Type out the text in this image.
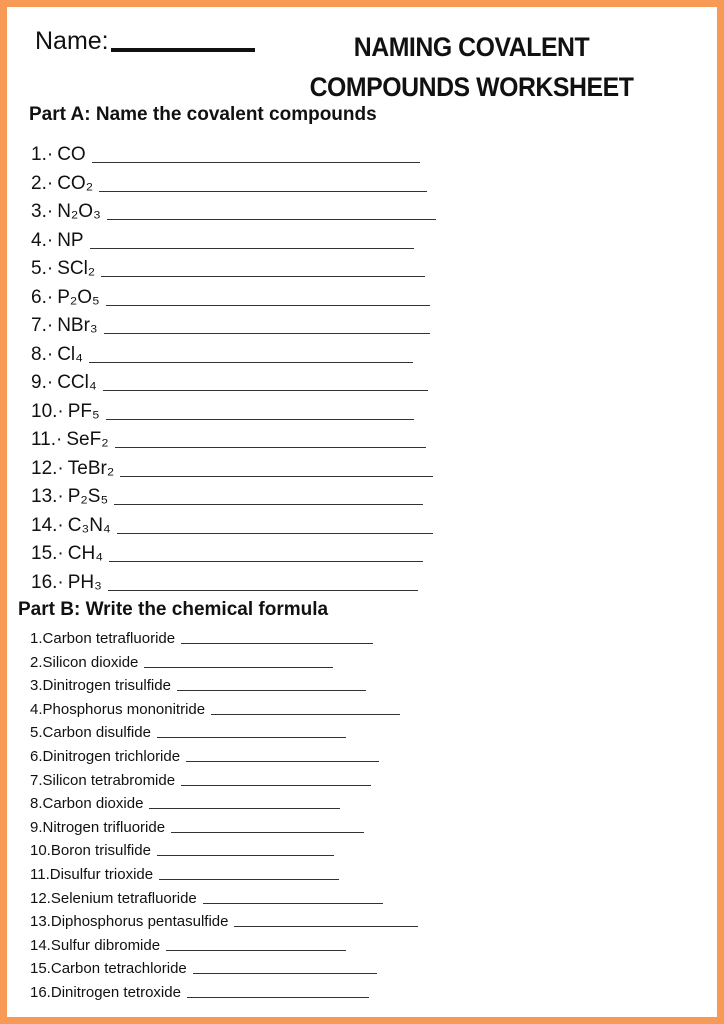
Name:	NAMING COVALENT
COMPOUNDS WORKSHEET
Part A: Name the covalent compounds
1.· CO
2.· CO₂
3.· N₂O₃
4.· NP
5.· SCl₂
6.· P₂O₅
7.· NBr₃
8.· Cl₄
9.· CCl₄
10.· PF₅
11.· SeF₂
12.· TeBr₂
13.· P₂S₅
14.· C₃N₄
15.· CH₄
16.· PH₃
Part B: Write the chemical formula
1. Carbon tetrafluoride
2. Silicon dioxide
3. Dinitrogen trisulfide
4. Phosphorus mononitride
5. Carbon disulfide
6. Dinitrogen trichloride
7. Silicon tetrabromide
8. Carbon dioxide
9. Nitrogen trifluoride
10. Boron trisulfide
11. Disulfur trioxide
12. Selenium tetrafluoride
13. Diphosphorus pentasulfide
14. Sulfur dibromide
15. Carbon tetrachloride
16. Dinitrogen tetroxide
